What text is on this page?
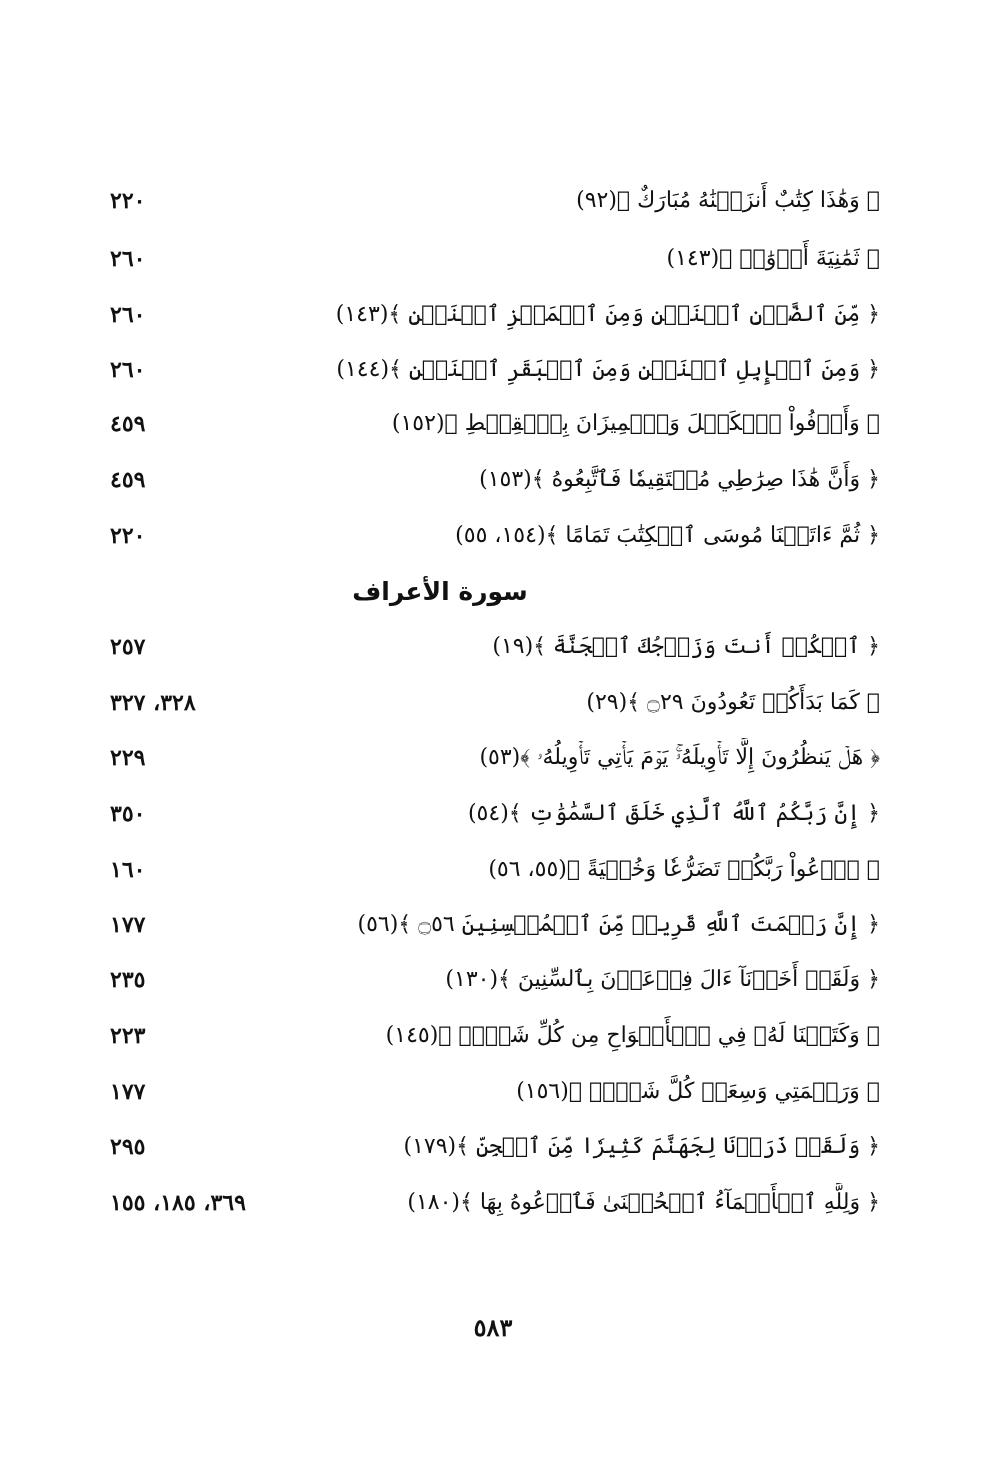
﴿ وَهَٰذَا كِتَٰبٌ أَنزَلۡنَٰهُ مُبَارَكٌ ﴾(٩٢)
٢٢٠
﴿ ثَمَٰنِيَةَ أَزۡوَٰجٖ ﴾(١٤٣)
٢٦٠
﴿ مِّنَ ٱلضَّأۡنِ ٱثۡنَيۡنِ وَمِنَ ٱلۡمَعۡزِ ٱثۡنَيۡنِ ﴾(١٤٣)
٢٦٠
﴿ وَمِنَ ٱلۡإِبِلِ ٱثۡنَيۡنِ وَمِنَ ٱلۡبَقَرِ ٱثۡنَيۡنِ ﴾(١٤٤)
٢٦٠
﴿ وَأَوۡفُواْ ٱلۡكَيۡلَ وَٱلۡمِيزَانَ بِٱلۡقِسۡطِ ﴾(١٥٢)
٤٥٩
﴿ وَأَنَّ هَٰذَا صِرَٰطِي مُسۡتَقِيمٗا فَٱتَّبِعُوهُ ﴾(١٥٣)
٤٥٩
﴿ ثُمَّ ءَاتَيۡنَا مُوسَى ٱلۡكِتَٰبَ تَمَامًا ﴾(١٥٤، ٥٥)
٢٢٠
سورة الأعراف
﴿ ٱسۡكُنۡ أَنتَ وَزَوۡجُكَ ٱلۡجَنَّةَ ﴾(١٩)
٢٥٧
﴿ كَمَا بَدَأَكُمۡ تَعُودُونَ ۝٢٩ ﴾(٢٩)
٣٢٨، ٣٢٧
﴿ هَلۡ يَنظُرُونَ إِلَّا تَأۡوِيلَهُۥۚ يَوۡمَ يَأۡتِي تَأۡوِيلُهُۥ ﴾(٥٣)
٢٢٩
﴿ إِنَّ رَبَّكُمُ ٱللَّهُ ٱلَّذِي خَلَقَ ٱلسَّمَٰوَٰتِ ﴾(٥٤)
٣٥٠
﴿ ٱدۡعُواْ رَبَّكُمۡ تَضَرُّعٗا وَخُفۡيَةً ﴾(٥٥، ٥٦)
١٦٠
﴿ إِنَّ رَحۡمَتَ ٱللَّهِ قَرِيبٞ مِّنَ ٱلۡمُحۡسِنِينَ ۝٥٦ ﴾(٥٦)
١٧٧
﴿ وَلَقَدۡ أَخَذۡنَآ ءَالَ فِرۡعَوۡنَ بِٱلسِّنِينَ ﴾(١٣٠)
٢٣٥
﴿ وَكَتَبۡنَا لَهُۥ فِي ٱلۡأَلۡوَاحِ مِن كُلِّ شَيۡءٖ ﴾(١٤٥)
٢٢٣
﴿ وَرَحۡمَتِي وَسِعَتۡ كُلَّ شَيۡءٖ ﴾(١٥٦)
١٧٧
﴿ وَلَقَدۡ ذَرَأۡنَا لِجَهَنَّمَ كَثِيرٗا مِّنَ ٱلۡجِنِّ ﴾(١٧٩)
٢٩٥
﴿ وَلِلَّهِ ٱلۡأَسۡمَآءُ ٱلۡحُسۡنَىٰ فَٱدۡعُوهُ بِهَا ﴾(١٨٠)
٣٦٩، ١٨٥، ١٥٥
٥٨٣
